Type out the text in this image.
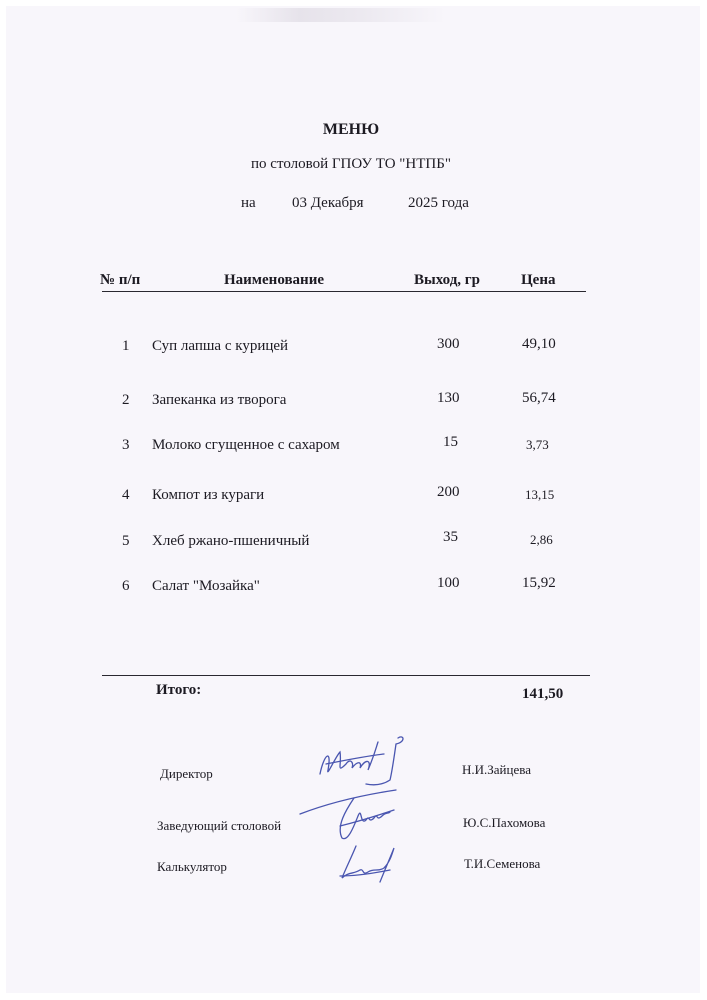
МЕНЮ
по столовой ГПОУ ТО "НТПБ"
на 03 Декабря	2025 года
№ п/п	Наименование	Выход, гр	Цена
1 Суп лапша с курицей	300	49,10
2 Запеканка из творога	130	56,74
3 Молоко сгущенное с сахаром	15	3,73
4 Компот из кураги	200	13,15
5 Хлеб ржано-пшеничный	35	2,86
6 Салат "Мозайка"	100	15,92
Итого:	141,50
Директор	Н.И.Зайцева
Заведующий столовой	Ю.С.Пахомова
Калькулятор	Т.И.Семенова
